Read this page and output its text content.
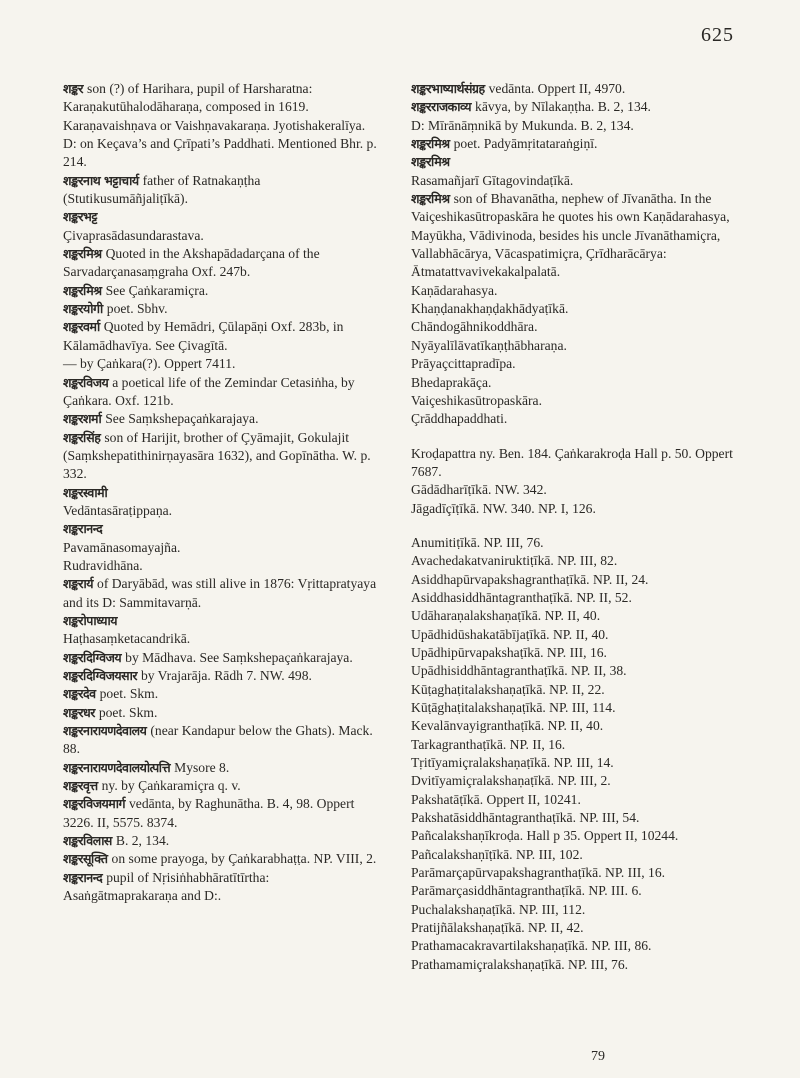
625

शङ्कर son (?) of Harihara, pupil of Harsharatna: Karaṇakutūhalodāharaṇa, composed in 1619. Karaṇavaishṇava or Vaishṇavakaraṇa. Jyotishakeralīya.

D: on Keçava’s and Çrīpati’s Paddhati. Mentioned Bhr. p. 214.

शङ्करनाथ भट्टाचार्य father of Ratnakaṇṭha (Stutikusumāñjaliṭīkā).

शङ्करभट्ट

Çivaprasādasundarastava.

शङ्करमिश्र Quoted in the Akshapādadarçana of the Sarvadarçanasaṃgraha Oxf. 247b.

शङ्करमिश्र See Çaṅkaramiçra.

शङ्करयोगी poet. Sbhv.

शङ्करवर्मा Quoted by Hemādri, Çūlapāṇi Oxf. 283b, in Kālamādhavīya. See Çivagītā.

— by Çaṅkara(?). Oppert 7411.

शङ्करविजय a poetical life of the Zemindar Cetasiṅha, by Çaṅkara. Oxf. 121b.

शङ्करशर्मा See Saṃkshepaçaṅkarajaya.

शङ्करसिंह son of Harijit, brother of Çyāmajit, Gokulajit (Saṃkshepatithinirṇayasāra 1632), and Gopīnātha. W. p. 332.

शङ्करस्वामी

Vedāntasāraṭippaṇa.

शङ्करानन्द

Pavamānasomayajña.

Rudravidhāna.

शङ्करार्य of Daryābād, was still alive in 1876: Vṛittapratyaya and its D: Sammitavarṇā.

शङ्करोपाध्याय

Haṭhasaṃketacandrikā.

शङ्करदिग्विजय by Mādhava. See Saṃkshepaçaṅkarajaya.

शङ्करदिग्विजयसार by Vrajarāja. Rādh 7. NW. 498.

शङ्करदेव poet. Skm.

शङ्करधर poet. Skm.

शङ्करनारायणदेवालय (near Kandapur below the Ghats). Mack. 88.

शङ्करनारायणदेवालयोत्पत्ति Mysore 8.

शङ्करवृत्त ny. by Çaṅkaramiçra q. v.

शङ्करविजयमार्ग vedānta, by Raghunātha. B. 4, 98. Oppert 3226. II, 5575. 8374.

शङ्करविलास B. 2, 134.

शङ्करसूक्ति on some prayoga, by Çaṅkarabhaṭṭa. NP. VIII, 2.

शङ्करानन्द pupil of Nṛisiṅhabhāratītīrtha: Asaṅgātmaprakaraṇa and D:.

शङ्करभाष्यार्थसंग्रह vedānta. Oppert II, 4970.

शङ्करराजकाव्य kāvya, by Nīlakaṇṭha. B. 2, 134.

D: Mīrānāṃnikā by Mukunda. B. 2, 134.

शङ्करमिश्र poet. Padyāmṛitataraṅgiṇī.

शङ्करमिश्र

Rasamañjarī Gītagovindaṭīkā.

शङ्करमिश्र son of Bhavanātha, nephew of Jīvanātha. In the Vaiçeshikasūtropaskāra he quotes his own Kaṇādarahasya, Mayūkha, Vādivinoda, besides his uncle Jīvanāthamiçra, Vallabhācārya, Vācaspatimiçra, Çrīdharācārya:

Ātmatattvavivekakalpalatā.

Kaṇādarahasya.

Khaṇḍanakhaṇḍakhādyaṭīkā.

Chāndogāhnikoddhāra.

Nyāyalīlāvatīkaṇṭhābharaṇa.

Prāyaçcittapradīpa.

Bhedaprakāça.

Vaiçeshikasūtropaskāra.

Çrāddhapaddhati.

Kroḍapattra ny. Ben. 184. Çaṅkarakroḍa Hall p. 50. Oppert 7687.

Gādādharīṭīkā. NW. 342.

Jāgadīçīṭīkā. NW. 340. NP. I, 126.

Anumitiṭīkā. NP. III, 76.

Avachedakatvaniruktiṭīkā. NP. III, 82.

Asiddhapūrvapakshagranthaṭīkā. NP. II, 24.

Asiddhasiddhāntagranthaṭīkā. NP. II, 52.

Udāharaṇalakshaṇaṭīkā. NP. II, 40.

Upādhidūshakatābījaṭīkā. NP. II, 40.

Upādhipūrvapakshaṭīkā. NP. III, 16.

Upādhisiddhāntagranthaṭīkā. NP. II, 38.

Kūṭaghaṭitalakshaṇaṭīkā. NP. II, 22.

Kūṭāghaṭitalakshaṇaṭīkā. NP. III, 114.

Kevalānvayigranthaṭīkā. NP. II, 40.

Tarkagranthaṭīkā. NP. II, 16.

Tṛitīyamiçralakshaṇaṭīkā. NP. III, 14.

Dvitīyamiçralakshaṇaṭīkā. NP. III, 2.

Pakshatāṭīkā. Oppert II, 10241.

Pakshatāsiddhāntagranthaṭīkā. NP. III, 54.

Pañcalakshaṇīkroḍa. Hall p 35. Oppert II, 10244.

Pañcalakshaṇīṭīkā. NP. III, 102.

Parāmarçapūrvapakshagranthaṭīkā. NP. III, 16.

Parāmarçasiddhāntagranthaṭīkā. NP. III. 6.

Puchalakshaṇaṭīkā. NP. III, 112.

Pratijñālakshaṇaṭīkā. NP. II, 42.

Prathamacakravartilakshaṇaṭīkā. NP. III, 86.

Prathamamiçralakshaṇaṭīkā. NP. III, 76.

79
